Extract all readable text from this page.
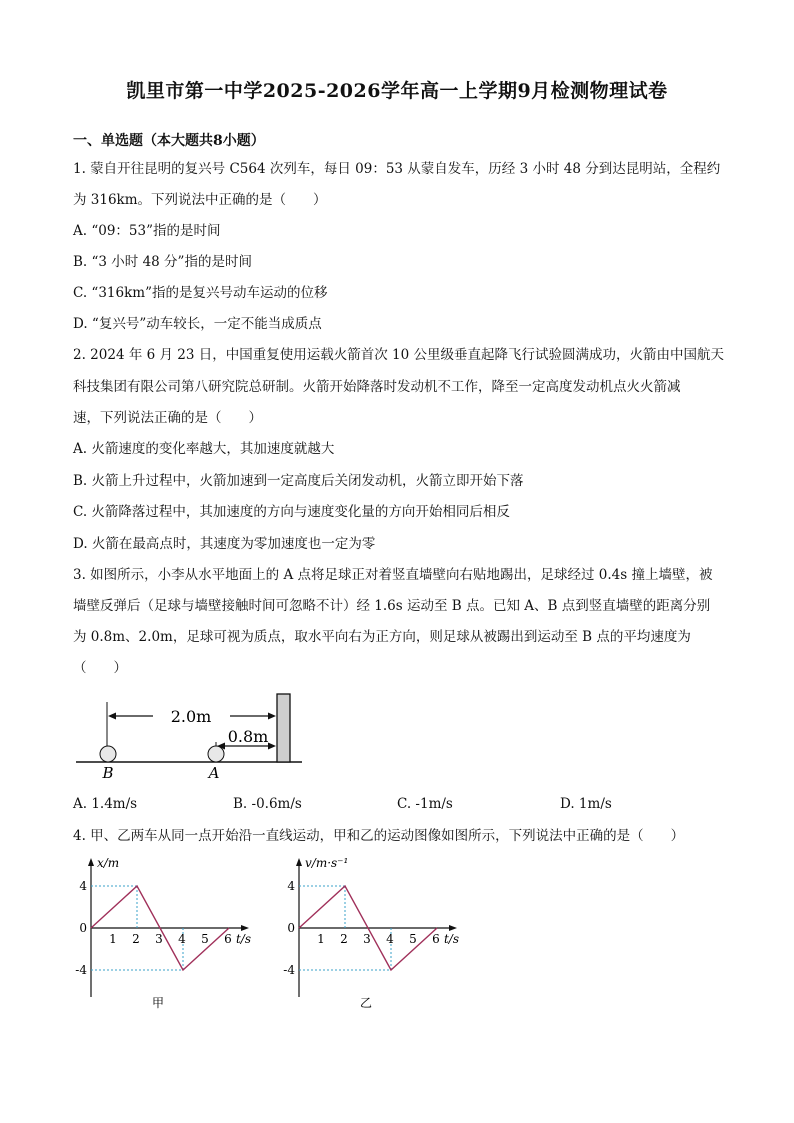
凯里市第一中学2025-2026学年高一上学期9月检测物理试卷
一、单选题（本大题共8小题）
1. 蒙自开往昆明的复兴号 C564 次列车，每日 09：53 从蒙自发车，历经 3 小时 48 分到达昆明站，全程约
为 316km。下列说法中正确的是（　　）
A. “09：53”指的是时间
B. “3 小时 48 分”指的是时间
C. “316km”指的是复兴号动车运动的位移
D. “复兴号”动车较长，一定不能当成质点
2. 2024 年 6 月 23 日，中国重复使用运载火箭首次 10 公里级垂直起降飞行试验圆满成功，火箭由中国航天
科技集团有限公司第八研究院总研制。火箭开始降落时发动机不工作，降至一定高度发动机点火火箭减
速，下列说法正确的是（　　）
A. 火箭速度的变化率越大，其加速度就越大
B. 火箭上升过程中，火箭加速到一定高度后关闭发动机，火箭立即开始下落
C. 火箭降落过程中，其加速度的方向与速度变化量的方向开始相同后相反
D. 火箭在最高点时，其速度为零加速度也一定为零
3. 如图所示，小李从水平地面上的 A 点将足球正对着竖直墙壁向右贴地踢出，足球经过 0.4s 撞上墙壁，被
墙壁反弹后（足球与墙壁接触时间可忽略不计）经 1.6s 运动至 B 点。已知 A、B 点到竖直墙壁的距离分别
为 0.8m、2.0m，足球可视为质点，取水平向右为正方向，则足球从被踢出到运动至 B 点的平均速度为
（　　）
2.0m
0.8m
B	A
A. 1.4m/s	B. -0.6m/s	C. -1m/s	D. 1m/s
4. 甲、乙两车从同一点开始沿一直线运动，甲和乙的运动图像如图所示，下列说法中正确的是（　　）
1 2 3 4 5 6
4
0
-4
x/m
t/s
甲
1 2 3 4 5 6
4
0
-4
v/m·s⁻¹
t/s
乙
